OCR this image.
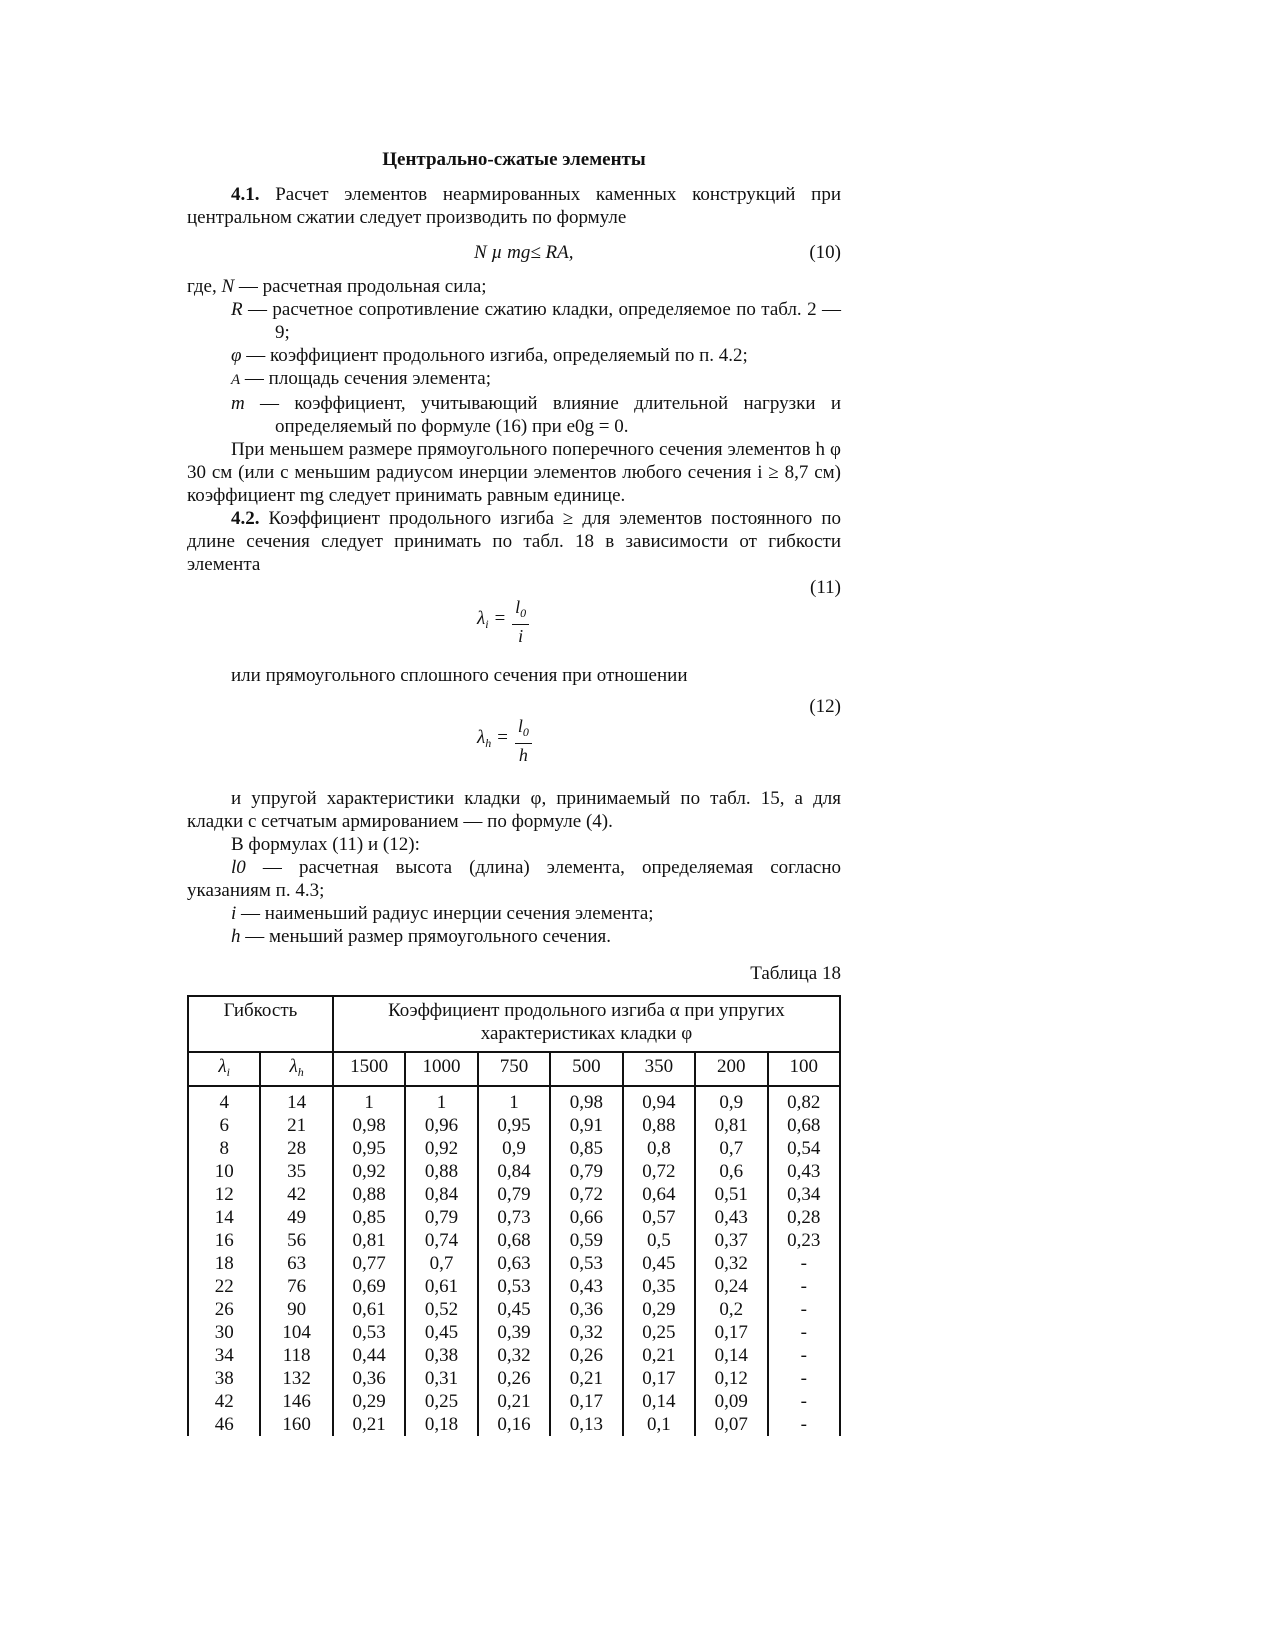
Центрально-сжатые элементы

4.1. Расчет элементов неармированных каменных конструкций при центральном сжатии следует производить по формуле

N µ mg≤ RA,	(10)

где, N — расчетная продольная сила;

R — расчетное сопротивление сжатию кладки, определяемое по табл. 2 — 9;

φ — коэффициент продольного изгиба, определяемый по п. 4.2;

A — площадь сечения элемента;

m — коэффициент, учитывающий влияние длительной нагрузки и определяемый по формуле (16) при e0g = 0.

При меньшем размере прямоугольного поперечного сечения элементов h φ 30 см (или с меньшим радиусом инерции элементов любого сечения i ≥ 8,7 см) коэффициент mg следует принимать равным единице.

4.2. Коэффициент продольного изгиба ≥ для элементов постоянного по длине сечения следует принимать по табл. 18 в зависимости от гибкости элемента

(11)
$\lambda_i = \frac{l_0}{i}$

или прямоугольного сплошного сечения при отношении

(12)
$\lambda_h = \frac{l_0}{h}$

и упругой характеристики кладки φ, принимаемый по табл. 15, а для кладки с сетчатым армированием — по формуле (4).

В формулах (11) и (12):

l0 — расчетная высота (длина) элемента, определяемая согласно указаниям п. 4.3;

i — наименьший радиус инерции сечения элемента;

h — меньший размер прямоугольного сечения.

Таблица 18

Гибкость		Коэффициент продольного изгиба α при упругих характеристиках кладки φ						
$\lambda_i$	$\lambda_h$	1500	1000	750	500	350	200	100
4	14	1	1	1	0,98	0,94	0,9	0,82
6	21	0,98	0,96	0,95	0,91	0,88	0,81	0,68
8	28	0,95	0,92	0,9	0,85	0,8	0,7	0,54
10	35	0,92	0,88	0,84	0,79	0,72	0,6	0,43
12	42	0,88	0,84	0,79	0,72	0,64	0,51	0,34
14	49	0,85	0,79	0,73	0,66	0,57	0,43	0,28
16	56	0,81	0,74	0,68	0,59	0,5	0,37	0,23
18	63	0,77	0,7	0,63	0,53	0,45	0,32	-
22	76	0,69	0,61	0,53	0,43	0,35	0,24	-
26	90	0,61	0,52	0,45	0,36	0,29	0,2	-
30	104	0,53	0,45	0,39	0,32	0,25	0,17	-
34	118	0,44	0,38	0,32	0,26	0,21	0,14	-
38	132	0,36	0,31	0,26	0,21	0,17	0,12	-
42	146	0,29	0,25	0,21	0,17	0,14	0,09	-
46	160	0,21	0,18	0,16	0,13	0,1	0,07	-
